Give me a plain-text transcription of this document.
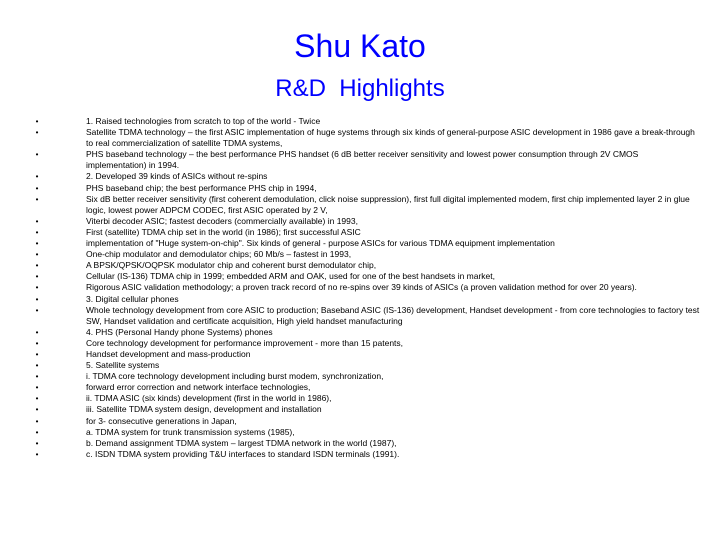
Shu Kato
R&D  Highlights
•	1. Raised technologies from scratch to top of the world - Twice
•	Satellite TDMA technology – the first ASIC implementation of huge systems through six kinds of general-purpose ASIC development in 1986 gave a break-through to real commercialization of satellite TDMA systems,
•	PHS baseband technology – the best performance PHS handset (6 dB better receiver sensitivity and lowest power consumption through 2V CMOS implementation) in 1994.
•	2. Developed 39 kinds of ASICs without re-spins
•	PHS baseband chip; the best performance PHS chip in 1994,
•	Six dB better receiver sensitivity (first coherent demodulation, click noise suppression), first full digital implemented modem, first chip implemented layer 2 in glue logic, lowest power ADPCM CODEC, first ASIC operated by 2 V,
•	Viterbi decoder ASIC; fastest decoders (commercially available) in 1993,
•	First (satellite) TDMA chip set in the world (in 1986); first successful ASIC
•	implementation of "Huge system-on-chip". Six kinds of general - purpose ASICs for various TDMA equipment implementation
•	One-chip modulator and demodulator chips; 60 Mb/s – fastest in 1993,
•	A BPSK/QPSK/OQPSK modulator chip and coherent burst demodulator chip,
•	Cellular (IS-136) TDMA chip in 1999; embedded ARM and OAK, used for one of the best handsets in market,
•	Rigorous ASIC validation methodology; a proven track record of no re-spins over 39 kinds of ASICs (a proven validation method for over 20 years).
•	3. Digital cellular phones
•	Whole technology development from core ASIC to production; Baseband ASIC (IS-136) development, Handset development - from core technologies to factory test SW, Handset validation and certificate acquisition, High yield handset manufacturing
•	4. PHS (Personal Handy phone Systems) phones
•	Core technology development for performance improvement - more than 15 patents,
•	Handset development and mass-production
•	5. Satellite systems
•	i. TDMA core technology development including burst modem, synchronization,
•	forward error correction and network interface technologies,
•	ii. TDMA ASIC (six kinds) development (first in the world in 1986),
•	iii. Satellite TDMA system design, development and installation
•	for 3- consecutive generations in Japan,
•	a. TDMA system for trunk transmission systems (1985),
•	b. Demand assignment TDMA system – largest TDMA network in the world (1987),
•	c. ISDN TDMA system providing T&U interfaces to standard ISDN terminals (1991).
